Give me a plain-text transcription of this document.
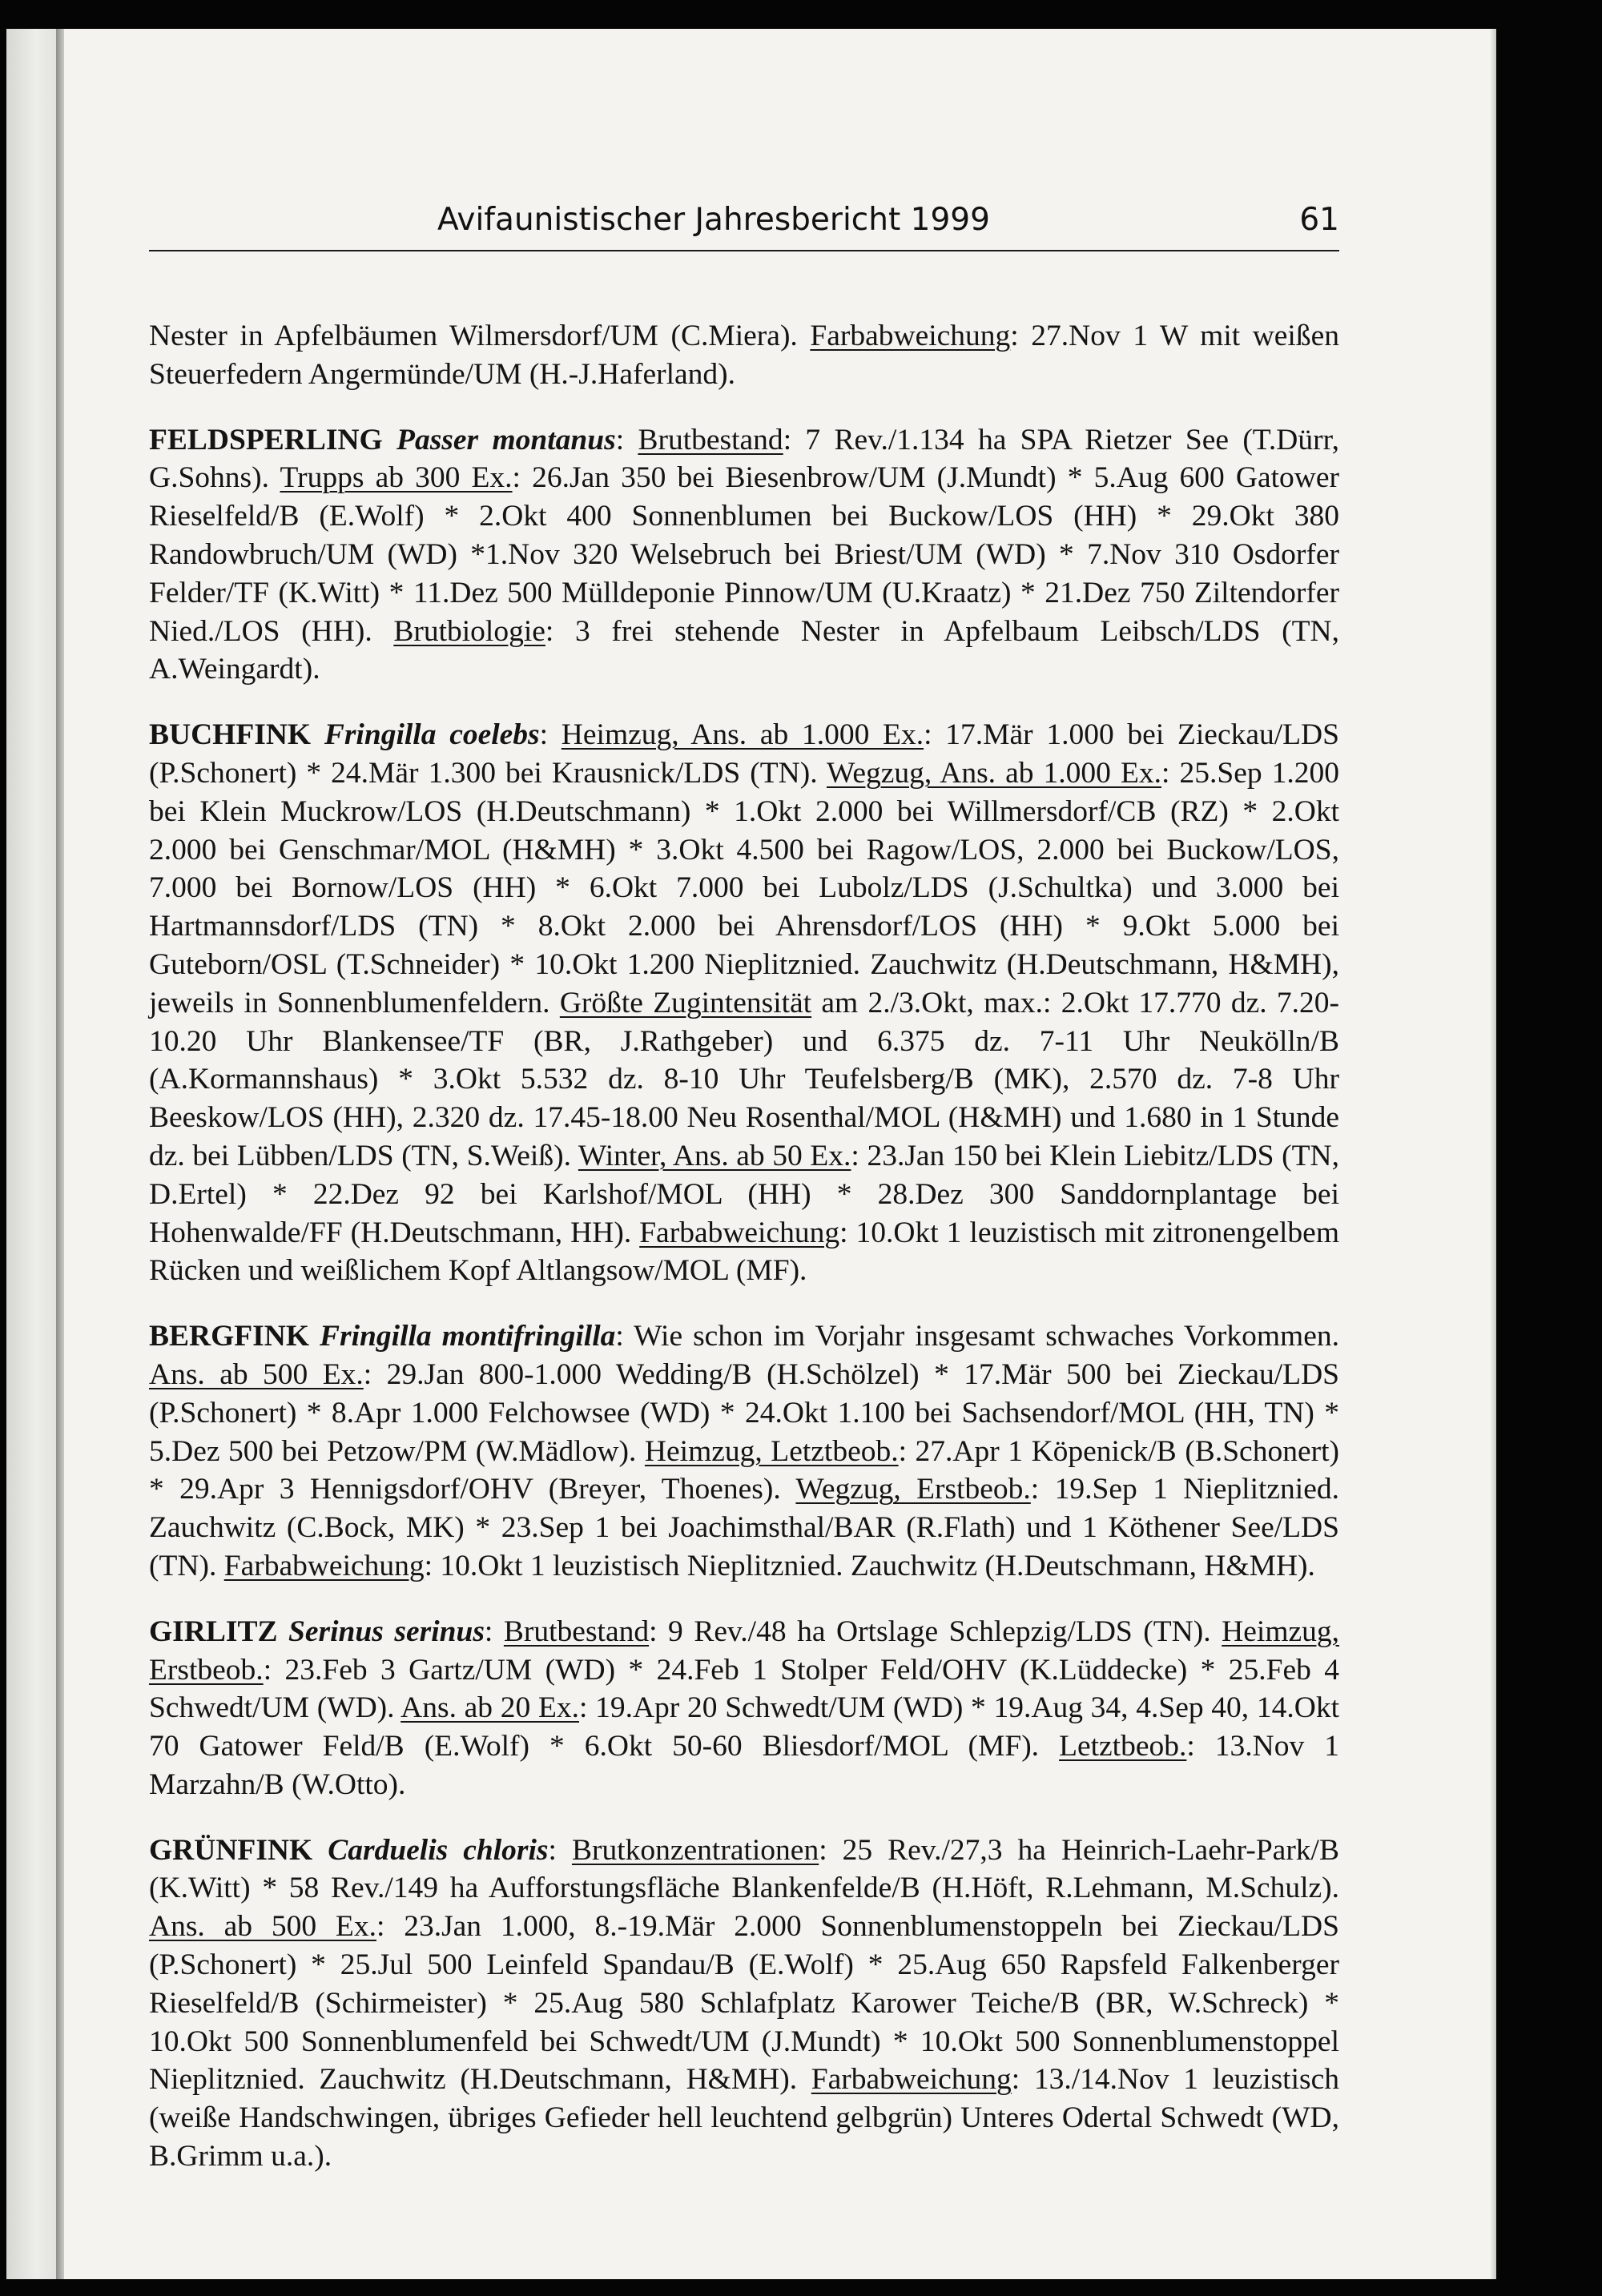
Avifaunistischer Jahresbericht 1999	61

Nester in Apfelbäumen Wilmersdorf/UM (C.Miera). Farbabweichung: 27.Nov 1 W mit weißen Steuerfedern Angermünde/UM (H.-J.Haferland).

FELDSPERLING Passer montanus: Brutbestand: 7 Rev./1.134 ha SPA Rietzer See (T.Dürr, G.Sohns). Trupps ab 300 Ex.: 26.Jan 350 bei Biesenbrow/UM (J.Mundt) * 5.Aug 600 Gatower Rieselfeld/B (E.Wolf) * 2.Okt 400 Sonnenblumen bei Buckow/LOS (HH) * 29.Okt 380 Randowbruch/UM (WD) *1.Nov 320 Welsebruch bei Briest/UM (WD) * 7.Nov 310 Osdorfer Felder/TF (K.Witt) * 11.Dez 500 Mülldeponie Pinnow/UM (U.Kraatz) * 21.Dez 750 Ziltendorfer Nied./LOS (HH). Brutbiologie: 3 frei stehende Nester in Apfelbaum Leibsch/LDS (TN, A.Weingardt).

BUCHFINK Fringilla coelebs: Heimzug, Ans. ab 1.000 Ex.: 17.Mär 1.000 bei Zieckau/LDS (P.Schonert) * 24.Mär 1.300 bei Krausnick/LDS (TN). Wegzug, Ans. ab 1.000 Ex.: 25.Sep 1.200 bei Klein Muckrow/LOS (H.Deutschmann) * 1.Okt 2.000 bei Willmersdorf/CB (RZ) * 2.Okt 2.000 bei Genschmar/MOL (H&MH) * 3.Okt 4.500 bei Ragow/LOS, 2.000 bei Buckow/LOS, 7.000 bei Bornow/LOS (HH) * 6.Okt 7.000 bei Lubolz/LDS (J.Schultka) und 3.000 bei Hartmannsdorf/LDS (TN) * 8.Okt 2.000 bei Ahrensdorf/LOS (HH) * 9.Okt 5.000 bei Guteborn/OSL (T.Schneider) * 10.Okt 1.200 Nieplitznied. Zauchwitz (H.Deutschmann, H&MH), jeweils in Sonnenblumenfeldern. Größte Zugintensität am 2./3.Okt, max.: 2.Okt 17.770 dz. 7.20-10.20 Uhr Blankensee/TF (BR, J.Rathgeber) und 6.375 dz. 7-11 Uhr Neukölln/B (A.Kormannshaus) * 3.Okt 5.532 dz. 8-10 Uhr Teufelsberg/B (MK), 2.570 dz. 7-8 Uhr Beeskow/LOS (HH), 2.320 dz. 17.45-18.00 Neu Rosenthal/MOL (H&MH) und 1.680 in 1 Stunde dz. bei Lübben/LDS (TN, S.Weiß). Winter, Ans. ab 50 Ex.: 23.Jan 150 bei Klein Liebitz/LDS (TN, D.Ertel) * 22.Dez 92 bei Karlshof/MOL (HH) * 28.Dez 300 Sanddornplantage bei Hohenwalde/FF (H.Deutschmann, HH). Farbabweichung: 10.Okt 1 leuzistisch mit zitronengelbem Rücken und weißlichem Kopf Altlangsow/MOL (MF).

BERGFINK Fringilla montifringilla: Wie schon im Vorjahr insgesamt schwaches Vorkommen. Ans. ab 500 Ex.: 29.Jan 800-1.000 Wedding/B (H.Schölzel) * 17.Mär 500 bei Zieckau/LDS (P.Schonert) * 8.Apr 1.000 Felchowsee (WD) * 24.Okt 1.100 bei Sachsendorf/MOL (HH, TN) * 5.Dez 500 bei Petzow/PM (W.Mädlow). Heimzug, Letztbeob.: 27.Apr 1 Köpenick/B (B.Schonert) * 29.Apr 3 Hennigsdorf/OHV (Breyer, Thoenes). Wegzug, Erstbeob.: 19.Sep 1 Nieplitznied. Zauchwitz (C.Bock, MK) * 23.Sep 1 bei Joachimsthal/BAR (R.Flath) und 1 Köthener See/LDS (TN). Farbabweichung: 10.Okt 1 leuzistisch Nieplitznied. Zauchwitz (H.Deutschmann, H&MH).

GIRLITZ Serinus serinus: Brutbestand: 9 Rev./48 ha Ortslage Schlepzig/LDS (TN). Heimzug, Erstbeob.: 23.Feb 3 Gartz/UM (WD) * 24.Feb 1 Stolper Feld/OHV (K.Lüddecke) * 25.Feb 4 Schwedt/UM (WD). Ans. ab 20 Ex.: 19.Apr 20 Schwedt/UM (WD) * 19.Aug 34, 4.Sep 40, 14.Okt 70 Gatower Feld/B (E.Wolf) * 6.Okt 50-60 Bliesdorf/MOL (MF). Letztbeob.: 13.Nov 1 Marzahn/B (W.Otto).

GRÜNFINK Carduelis chloris: Brutkonzentrationen: 25 Rev./27,3 ha Heinrich-Laehr-Park/B (K.Witt) * 58 Rev./149 ha Aufforstungsfläche Blankenfelde/B (H.Höft, R.Lehmann, M.Schulz). Ans. ab 500 Ex.: 23.Jan 1.000, 8.-19.Mär 2.000 Sonnenblumenstoppeln bei Zieckau/LDS (P.Schonert) * 25.Jul 500 Leinfeld Spandau/B (E.Wolf) * 25.Aug 650 Rapsfeld Falkenberger Rieselfeld/B (Schirmeister) * 25.Aug 580 Schlafplatz Karower Teiche/B (BR, W.Schreck) * 10.Okt 500 Sonnenblumenfeld bei Schwedt/UM (J.Mundt) * 10.Okt 500 Sonnenblumenstoppel Nieplitznied. Zauchwitz (H.Deutschmann, H&MH). Farbabweichung: 13./14.Nov 1 leuzistisch (weiße Handschwingen, übriges Gefieder hell leuchtend gelbgrün) Unteres Odertal Schwedt (WD, B.Grimm u.a.).
